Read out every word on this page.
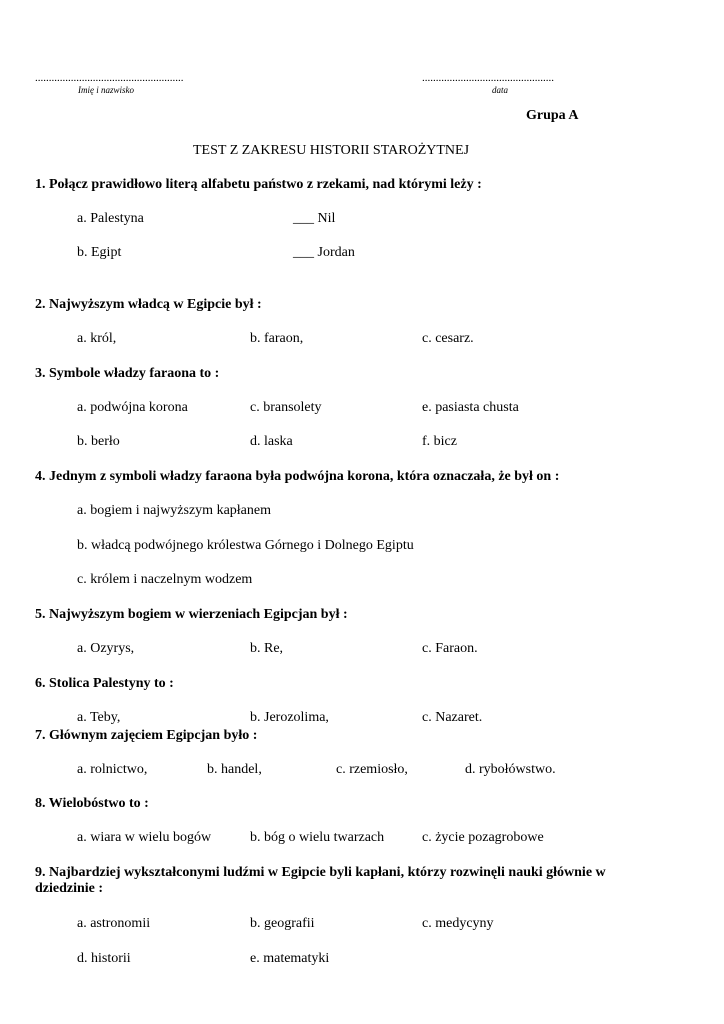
......................................................
Imię i nazwisko
................................................
data
Grupa A
TEST Z ZAKRESU HISTORII STAROŻYTNEJ
1. Połącz prawidłowo literą alfabetu państwo z rzekami, nad którymi leży :
a. Palestyna	___ Nil
b. Egipt	___ Jordan
2. Najwyższym władcą w Egipcie był :
a. król,	b. faraon,	c. cesarz.
3. Symbole władzy faraona to :
a. podwójna korona	c. bransolety	e. pasiasta chusta
b. berło	d. laska	f. bicz
4. Jednym z symboli władzy faraona była podwójna korona, która oznaczała, że był on :
a. bogiem i najwyższym kapłanem
b. władcą podwójnego królestwa Górnego i Dolnego Egiptu
c. królem i naczelnym wodzem
5. Najwyższym bogiem w wierzeniach Egipcjan był :
a. Ozyrys,	b. Re,	c. Faraon.
6. Stolica Palestyny to :
a. Teby,	b. Jerozolima,	c. Nazaret.
7. Głównym zajęciem Egipcjan było :
a. rolnictwo,	b. handel,	c. rzemiosło,	d. rybołówstwo.
8. Wielobóstwo to :
a. wiara w wielu bogów	b. bóg o wielu twarzach	c. życie pozagrobowe
9. Najbardziej wykształconymi ludźmi w Egipcie byli kapłani, którzy rozwinęli nauki głównie w
dziedzinie :
a. astronomii	b. geografii	c. medycyny
d. historii	e. matematyki
